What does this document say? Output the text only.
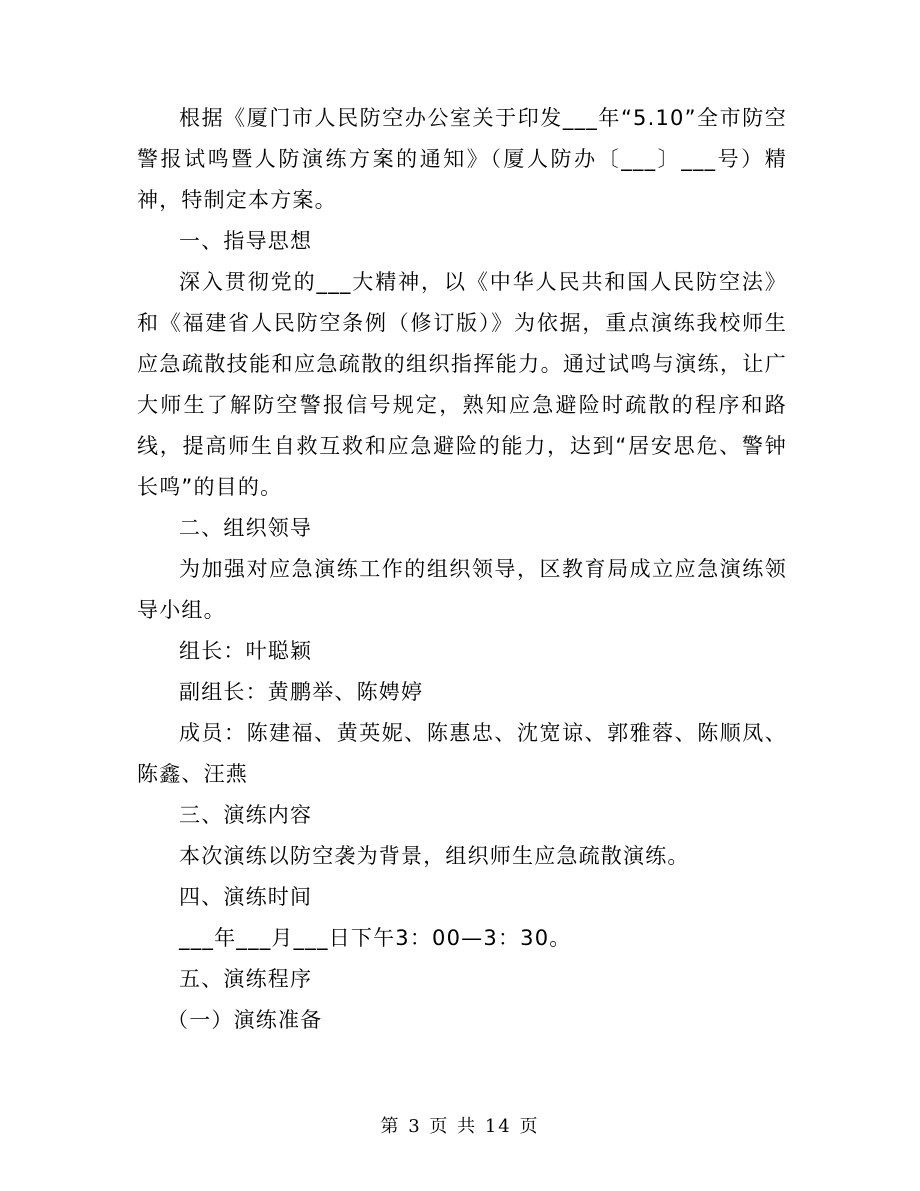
根据《厦门市人民防空办公室关于印发___年“5.10”全市防空警报试鸣暨人防演练方案的通知》（厦人防办〔___〕___号）精神，特制定本方案。

一、指导思想

深入贯彻党的___大精神，以《中华人民共和国人民防空法》和《福建省人民防空条例（修订版）》为依据，重点演练我校师生应急疏散技能和应急疏散的组织指挥能力。通过试鸣与演练，让广大师生了解防空警报信号规定，熟知应急避险时疏散的程序和路线，提高师生自救互救和应急避险的能力，达到“居安思危、警钟长鸣”的目的。

二、组织领导

为加强对应急演练工作的组织领导，区教育局成立应急演练领导小组。

组长：叶聪颖

副组长：黄鹏举、陈娉婷

成员：陈建福、黄英妮、陈惠忠、沈宽谅、郭雅蓉、陈顺凤、陈鑫、汪燕

三、演练内容

本次演练以防空袭为背景，组织师生应急疏散演练。

四、演练时间

___年___月___日下午3：00—3：30。

五、演练程序

（一）演练准备

第 3 页 共 14 页
